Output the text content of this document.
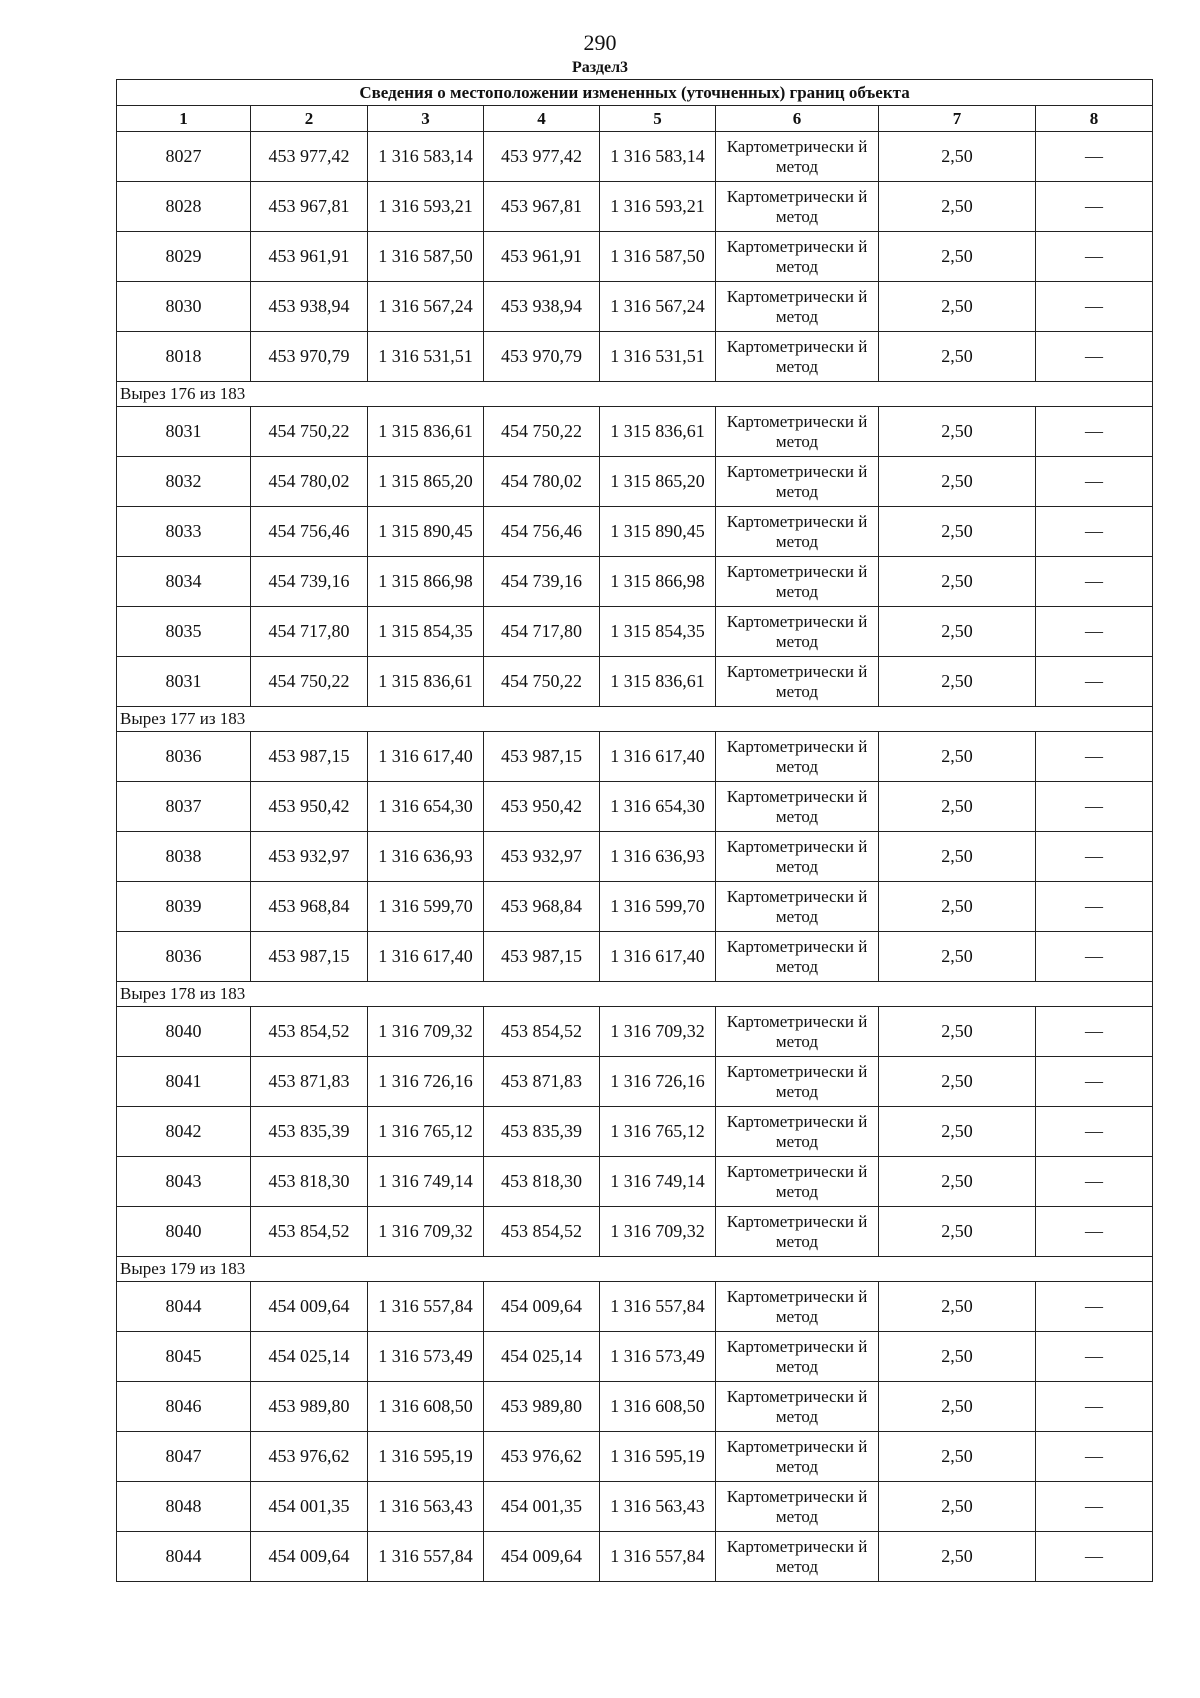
290
Раздел3
Сведения о местоположении измененных (уточненных) границ объекта							
1	2	3	4	5	6	7	8
8027	453 977,42	1 316 583,14	453 977,42	1 316 583,14	Картометрически й метод	2,50	—
8028	453 967,81	1 316 593,21	453 967,81	1 316 593,21	Картометрически й метод	2,50	—
8029	453 961,91	1 316 587,50	453 961,91	1 316 587,50	Картометрически й метод	2,50	—
8030	453 938,94	1 316 567,24	453 938,94	1 316 567,24	Картометрически й метод	2,50	—
8018	453 970,79	1 316 531,51	453 970,79	1 316 531,51	Картометрически й метод	2,50	—
Вырез 176 из 183							
8031	454 750,22	1 315 836,61	454 750,22	1 315 836,61	Картометрически й метод	2,50	—
8032	454 780,02	1 315 865,20	454 780,02	1 315 865,20	Картометрически й метод	2,50	—
8033	454 756,46	1 315 890,45	454 756,46	1 315 890,45	Картометрически й метод	2,50	—
8034	454 739,16	1 315 866,98	454 739,16	1 315 866,98	Картометрически й метод	2,50	—
8035	454 717,80	1 315 854,35	454 717,80	1 315 854,35	Картометрически й метод	2,50	—
8031	454 750,22	1 315 836,61	454 750,22	1 315 836,61	Картометрически й метод	2,50	—
Вырез 177 из 183							
8036	453 987,15	1 316 617,40	453 987,15	1 316 617,40	Картометрически й метод	2,50	—
8037	453 950,42	1 316 654,30	453 950,42	1 316 654,30	Картометрически й метод	2,50	—
8038	453 932,97	1 316 636,93	453 932,97	1 316 636,93	Картометрически й метод	2,50	—
8039	453 968,84	1 316 599,70	453 968,84	1 316 599,70	Картометрически й метод	2,50	—
8036	453 987,15	1 316 617,40	453 987,15	1 316 617,40	Картометрически й метод	2,50	—
Вырез 178 из 183							
8040	453 854,52	1 316 709,32	453 854,52	1 316 709,32	Картометрически й метод	2,50	—
8041	453 871,83	1 316 726,16	453 871,83	1 316 726,16	Картометрически й метод	2,50	—
8042	453 835,39	1 316 765,12	453 835,39	1 316 765,12	Картометрически й метод	2,50	—
8043	453 818,30	1 316 749,14	453 818,30	1 316 749,14	Картометрически й метод	2,50	—
8040	453 854,52	1 316 709,32	453 854,52	1 316 709,32	Картометрически й метод	2,50	—
Вырез 179 из 183							
8044	454 009,64	1 316 557,84	454 009,64	1 316 557,84	Картометрически й метод	2,50	—
8045	454 025,14	1 316 573,49	454 025,14	1 316 573,49	Картометрически й метод	2,50	—
8046	453 989,80	1 316 608,50	453 989,80	1 316 608,50	Картометрически й метод	2,50	—
8047	453 976,62	1 316 595,19	453 976,62	1 316 595,19	Картометрически й метод	2,50	—
8048	454 001,35	1 316 563,43	454 001,35	1 316 563,43	Картометрически й метод	2,50	—
8044	454 009,64	1 316 557,84	454 009,64	1 316 557,84	Картометрически й метод	2,50	—
